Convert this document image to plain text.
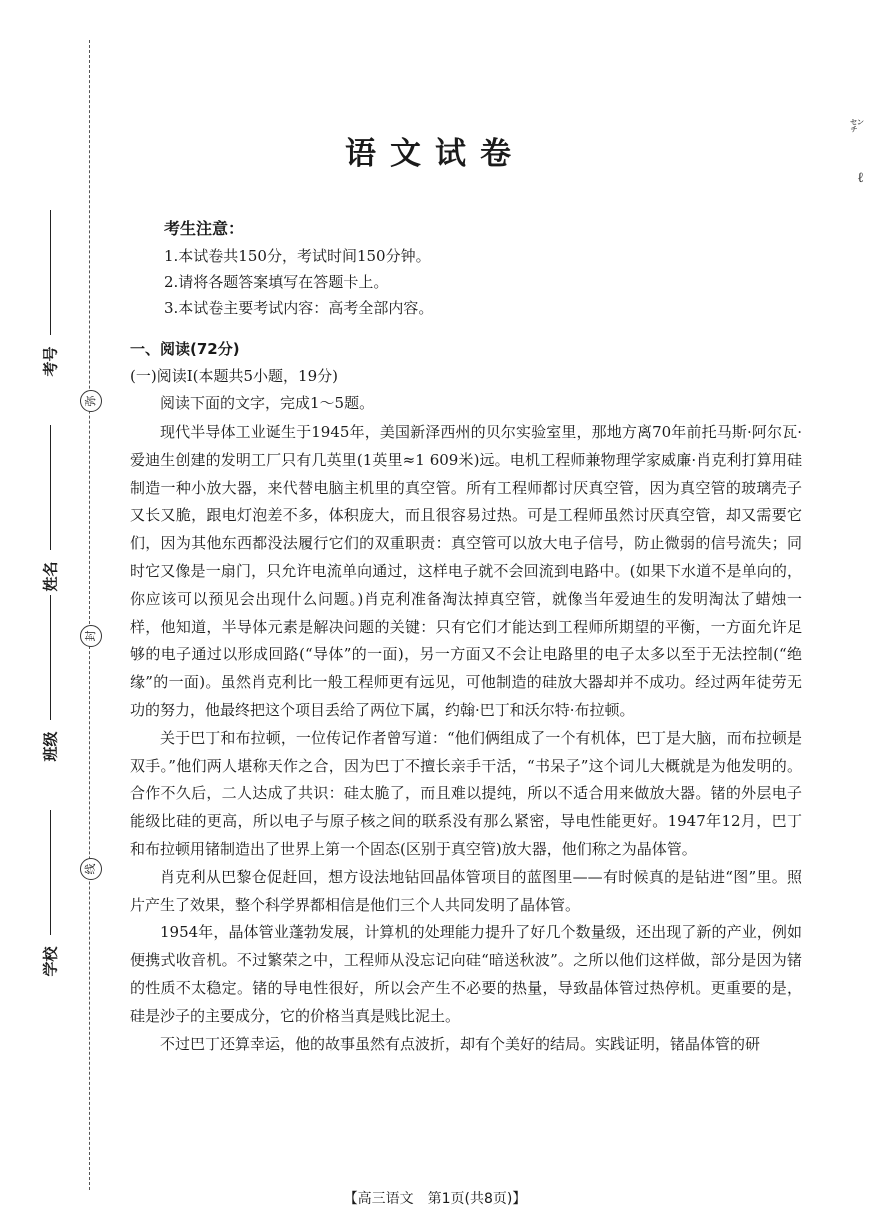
考号
姓名
班级
学校
弥
封
线
㌢
ℓ
语文试卷
考生注意：
1.本试卷共150分，考试时间150分钟。
2.请将各题答案填写在答题卡上。
3.本试卷主要考试内容：高考全部内容。
一、阅读(72分)
(一)阅读Ⅰ(本题共5小题，19分)
阅读下面的文字，完成1～5题。

现代半导体工业诞生于1945年，美国新泽西州的贝尔实验室里，那地方离70年前托马斯·阿尔瓦·爱迪生创建的发明工厂只有几英里(1英里≈1 609米)远。电机工程师兼物理学家威廉·肖克利打算用硅制造一种小放大器，来代替电脑主机里的真空管。所有工程师都讨厌真空管，因为真空管的玻璃壳子又长又脆，跟电灯泡差不多，体积庞大，而且很容易过热。可是工程师虽然讨厌真空管，却又需要它们，因为其他东西都没法履行它们的双重职责：真空管可以放大电子信号，防止微弱的信号流失；同时它又像是一扇门，只允许电流单向通过，这样电子就不会回流到电路中。(如果下水道不是单向的，你应该可以预见会出现什么问题。)肖克利准备淘汰掉真空管，就像当年爱迪生的发明淘汰了蜡烛一样，他知道，半导体元素是解决问题的关键：只有它们才能达到工程师所期望的平衡，一方面允许足够的电子通过以形成回路(“导体”的一面)，另一方面又不会让电路里的电子太多以至于无法控制(“绝缘”的一面)。虽然肖克利比一般工程师更有远见，可他制造的硅放大器却并不成功。经过两年徒劳无功的努力，他最终把这个项目丢给了两位下属，约翰·巴丁和沃尔特·布拉顿。

关于巴丁和布拉顿，一位传记作者曾写道：“他们俩组成了一个有机体，巴丁是大脑，而布拉顿是双手。”他们两人堪称天作之合，因为巴丁不擅长亲手干活，“书呆子”这个词儿大概就是为他发明的。合作不久后，二人达成了共识：硅太脆了，而且难以提纯，所以不适合用来做放大器。锗的外层电子能级比硅的更高，所以电子与原子核之间的联系没有那么紧密，导电性能更好。1947年12月，巴丁和布拉顿用锗制造出了世界上第一个固态(区别于真空管)放大器，他们称之为晶体管。

肖克利从巴黎仓促赶回，想方设法地钻回晶体管项目的蓝图里——有时候真的是钻进“图”里。照片产生了效果，整个科学界都相信是他们三个人共同发明了晶体管。

1954年，晶体管业蓬勃发展，计算机的处理能力提升了好几个数量级，还出现了新的产业，例如便携式收音机。不过繁荣之中，工程师从没忘记向硅“暗送秋波”。之所以他们这样做，部分是因为锗的性质不太稳定。锗的导电性很好，所以会产生不必要的热量，导致晶体管过热停机。更重要的是，硅是沙子的主要成分，它的价格当真是贱比泥土。

不过巴丁还算幸运，他的故事虽然有点波折，却有个美好的结局。实践证明，锗晶体管的研

【高三语文　第1页(共8页)】
